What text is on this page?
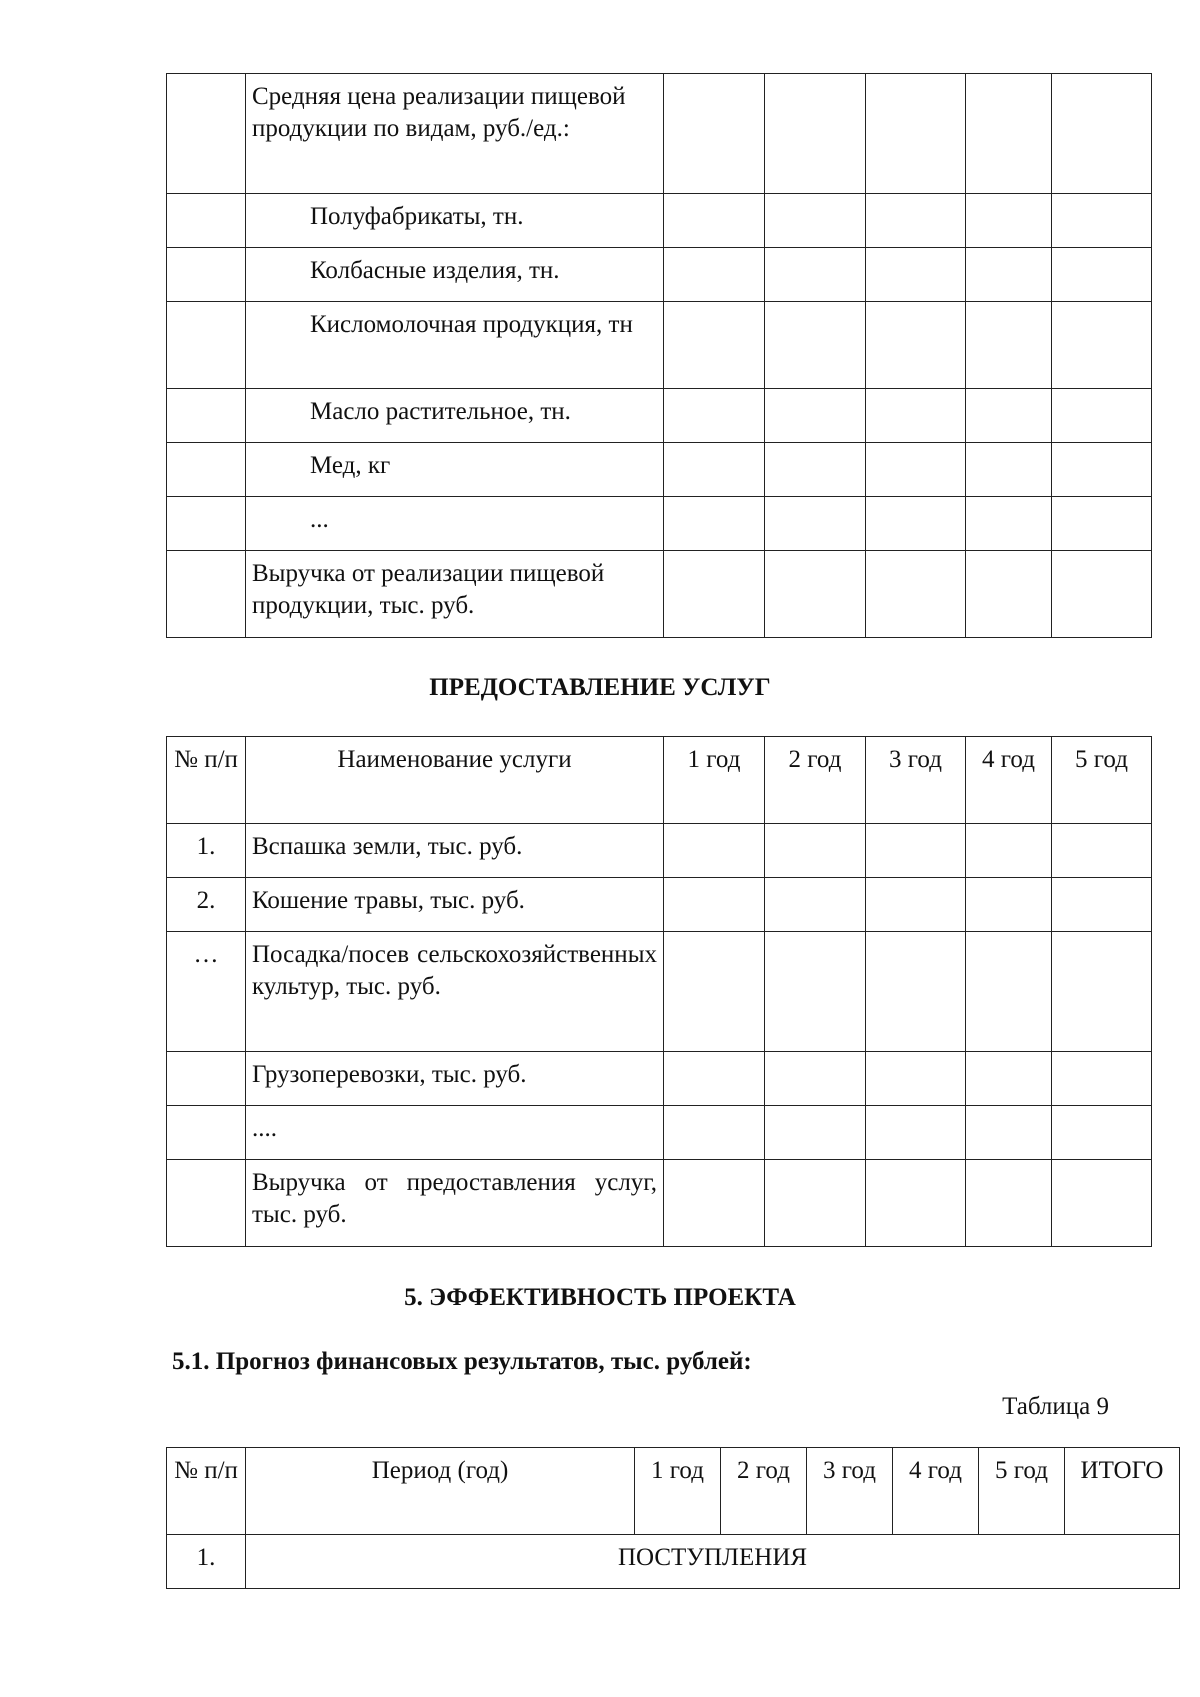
	Средняя цена реализации пищевой продукции по видам, руб./ед.:					
	Полуфабрикаты, тн.					
	Колбасные изделия, тн.					
	Кисломолочная продукция, тн					
	Масло растительное, тн.					
	Мед, кг					
	...					
	Выручка от реализации пищевой продукции, тыс. руб.					
ПРЕДОСТАВЛЕНИЕ УСЛУГ
№ п/п	Наименование услуги	1 год	2 год	3 год	4 год	5 год
1.	Вспашка земли, тыс. руб.					
2.	Кошение травы, тыс. руб.					
…	Посадка/посев сельскохозяйственных культур, тыс. руб.					
	Грузоперевозки, тыс. руб.					
	....					
	Выручка от предоставления услуг, тыс. руб.					
5. ЭФФЕКТИВНОСТЬ ПРОЕКТА
5.1. Прогноз финансовых результатов, тыс. рублей:
Таблица 9
№ п/п	Период (год)	1 год	2 год	3 год	4 год	5 год	ИТОГО
1.	ПОСТУПЛЕНИЯ						
